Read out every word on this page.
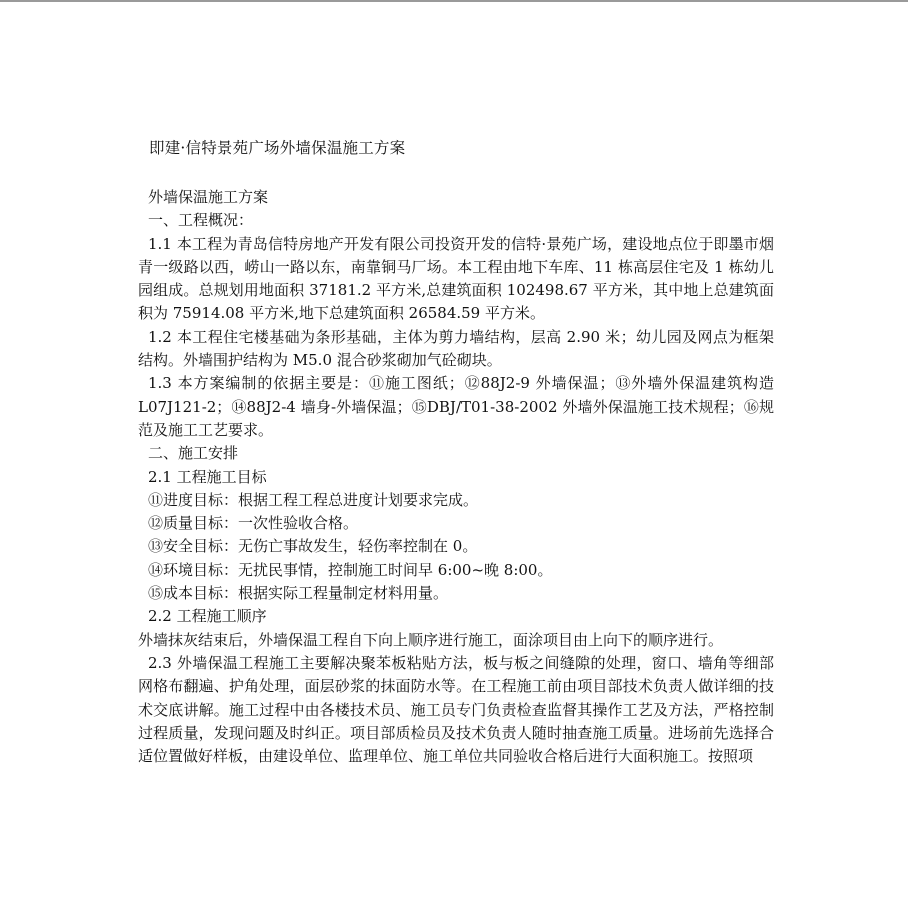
即建·信特景苑广场外墙保温施工方案

外墙保温施工方案

一、工程概况：

1.1 本工程为青岛信特房地产开发有限公司投资开发的信特·景苑广场，建设地点位于即墨市烟青一级路以西，崂山一路以东，南靠铜马厂场。本工程由地下车库、11 栋高层住宅及 1 栋幼儿园组成。总规划用地面积 37181.2 平方米,总建筑面积 102498.67 平方米，其中地上总建筑面积为 75914.08 平方米,地下总建筑面积 26584.59 平方米。

1.2 本工程住宅楼基础为条形基础，主体为剪力墙结构，层高 2.90 米；幼儿园及网点为框架结构。外墙围护结构为 M5.0 混合砂浆砌加气砼砌块。

1.3 本方案编制的依据主要是：⑪施工图纸；⑫88J2-9 外墙保温；⑬外墙外保温建筑构造 L07J121-2；⑭88J2-4 墙身-外墙保温；⑮DBJ/T01-38-2002 外墙外保温施工技术规程；⑯规范及施工工艺要求。

二、施工安排

2.1 工程施工目标

⑪进度目标：根据工程工程总进度计划要求完成。

⑫质量目标：一次性验收合格。

⑬安全目标：无伤亡事故发生，轻伤率控制在 0。

⑭环境目标：无扰民事情，控制施工时间早 6:00~晚 8:00。

⑮成本目标：根据实际工程量制定材料用量。

2.2 工程施工顺序

外墙抹灰结束后，外墙保温工程自下向上顺序进行施工，面涂项目由上向下的顺序进行。

2.3 外墙保温工程施工主要解决聚苯板粘贴方法，板与板之间缝隙的处理，窗口、墙角等细部网格布翻遍、护角处理，面层砂浆的抹面防水等。在工程施工前由项目部技术负责人做详细的技术交底讲解。施工过程中由各楼技术员、施工员专门负责检查监督其操作工艺及方法，严格控制过程质量，发现问题及时纠正。项目部质检员及技术负责人随时抽查施工质量。进场前先选择合适位置做好样板，由建设单位、监理单位、施工单位共同验收合格后进行大面积施工。按照项
